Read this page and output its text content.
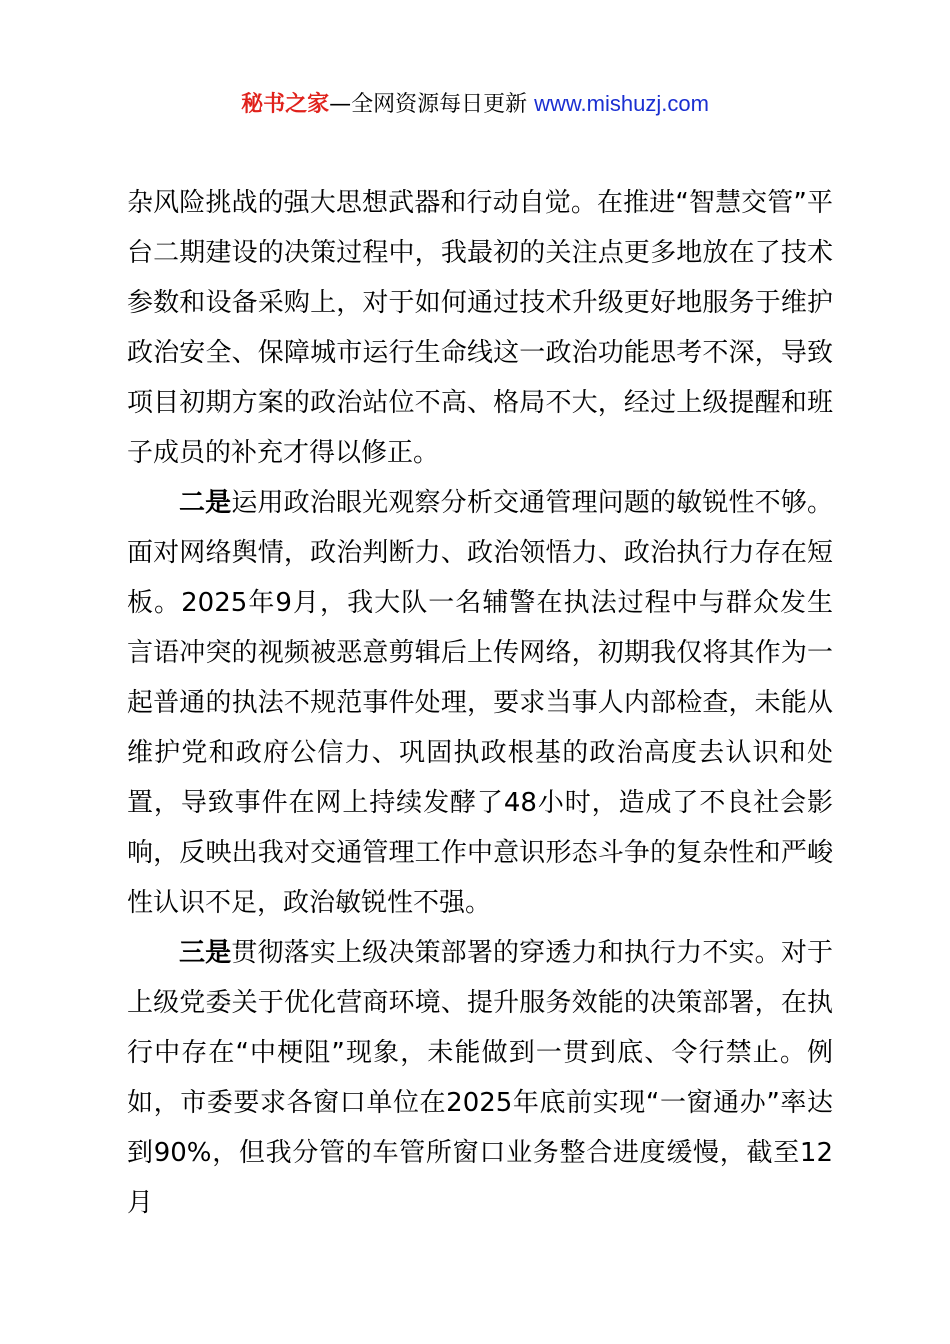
秘书之家—全网资源每日更新 www.mishuzj.com

杂风险挑战的强大思想武器和行动自觉。在推进“智慧交管”平台二期建设的决策过程中，我最初的关注点更多地放在了技术参数和设备采购上，对于如何通过技术升级更好地服务于维护政治安全、保障城市运行生命线这一政治功能思考不深，导致项目初期方案的政治站位不高、格局不大，经过上级提醒和班子成员的补充才得以修正。

二是运用政治眼光观察分析交通管理问题的敏锐性不够。面对网络舆情，政治判断力、政治领悟力、政治执行力存在短板。2025年9月，我大队一名辅警在执法过程中与群众发生言语冲突的视频被恶意剪辑后上传网络，初期我仅将其作为一起普通的执法不规范事件处理，要求当事人内部检查，未能从维护党和政府公信力、巩固执政根基的政治高度去认识和处置，导致事件在网上持续发酵了48小时，造成了不良社会影响，反映出我对交通管理工作中意识形态斗争的复杂性和严峻性认识不足，政治敏锐性不强。

三是贯彻落实上级决策部署的穿透力和执行力不实。对于上级党委关于优化营商环境、提升服务效能的决策部署，在执行中存在“中梗阻”现象，未能做到一贯到底、令行禁止。例如，市委要求各窗口单位在2025年底前实现“一窗通办”率达到90%，但我分管的车管所窗口业务整合进度缓慢，截至12月
